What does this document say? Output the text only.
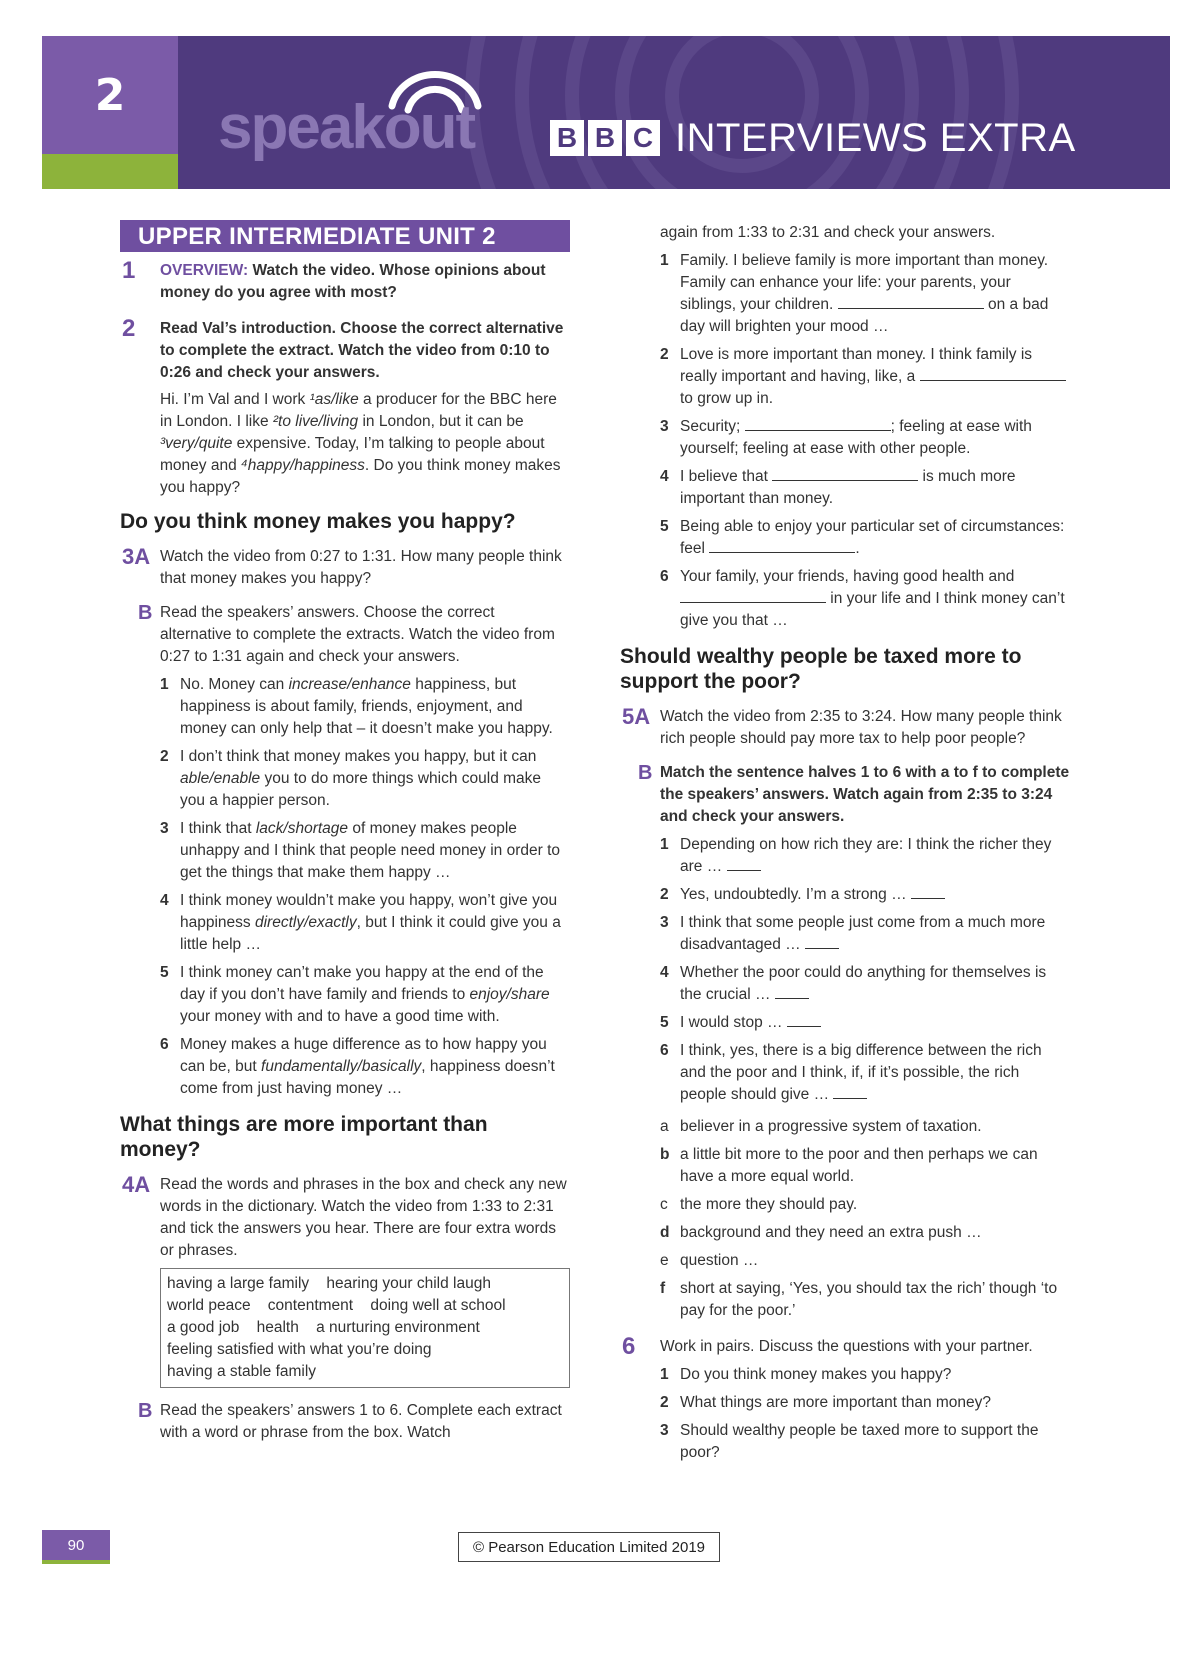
2	speakout	B B C INTERVIEWS EXTRA
UPPER INTERMEDIATE UNIT 2
1 OVERVIEW: Watch the video. Whose opinions about money do you agree with most?
2 Read Val’s introduction. Choose the correct alternative to complete the extract. Watch the video from 0:10 to 0:26 and check your answers.
Hi. I’m Val and I work ¹as/like a producer for the BBC here in London. I like ²to live/living in London, but it can be ³very/quite expensive. Today, I’m talking to people about money and ⁴happy/happiness. Do you think money makes you happy?
Do you think money makes you happy?
3A Watch the video from 0:27 to 1:31. How many people think that money makes you happy?
B Read the speakers’ answers. Choose the correct alternative to complete the extracts. Watch the video from 0:27 to 1:31 again and check your answers.
1 No. Money can increase/enhance happiness, but happiness is about family, friends, enjoyment, and money can only help that – it doesn’t make you happy.
2 I don’t think that money makes you happy, but it can able/enable you to do more things which could make you a happier person.
3 I think that lack/shortage of money makes people unhappy and I think that people need money in order to get the things that make them happy …
4 I think money wouldn’t make you happy, won’t give you happiness directly/exactly, but I think it could give you a little help …
5 I think money can’t make you happy at the end of the day if you don’t have family and friends to enjoy/share your money with and to have a good time with.
6 Money makes a huge difference as to how happy you can be, but fundamentally/basically, happiness doesn’t come from just having money …
What things are more important than money?
4A Read the words and phrases in the box and check any new words in the dictionary. Watch the video from 1:33 to 2:31 and tick the answers you hear. There are four extra words or phrases.
having a large family    hearing your child laugh
world peace    contentment    doing well at school
a good job    health    a nurturing environment
feeling satisfied with what you’re doing
having a stable family
B Read the speakers’ answers 1 to 6. Complete each extract with a word or phrase from the box. Watch
again from 1:33 to 2:31 and check your answers.
1 Family. I believe family is more important than money. Family can enhance your life: your parents, your siblings, your children.	on a bad day will brighten your mood …
2 Love is more important than money. I think family is really important and having, like, a  to grow up in.
3 Security;	; feeling at ease with yourself; feeling at ease with other people.
4 I believe that	is much more important than money.
5 Being able to enjoy your particular set of circumstances: feel	.
6 Your family, your friends, having good health and  in your life and I think money can’t give you that …
Should wealthy people be taxed more to support the poor?
5A Watch the video from 2:35 to 3:24. How many people think rich people should pay more tax to help poor people?
B Match the sentence halves 1 to 6 with a to f to complete the speakers’ answers. Watch again from 2:35 to 3:24 and check your answers.
1 Depending on how rich they are: I think the richer they are …
2 Yes, undoubtedly. I’m a strong …
3 I think that some people just come from a much more disadvantaged …
4 Whether the poor could do anything for themselves is the crucial …
5 I would stop …
6 I think, yes, there is a big difference between the rich and the poor and I think, if, if it’s possible, the rich people should give …
a believer in a progressive system of taxation.
b a little bit more to the poor and then perhaps we can have a more equal world.
c the more they should pay.
d background and they need an extra push …
e question …
f short at saying, ‘Yes, you should tax the rich’ though ‘to pay for the poor.’
6 Work in pairs. Discuss the questions with your partner.
1 Do you think money makes you happy?
2 What things are more important than money?
3 Should wealthy people be taxed more to support the poor?
90	© Pearson Education Limited 2019
